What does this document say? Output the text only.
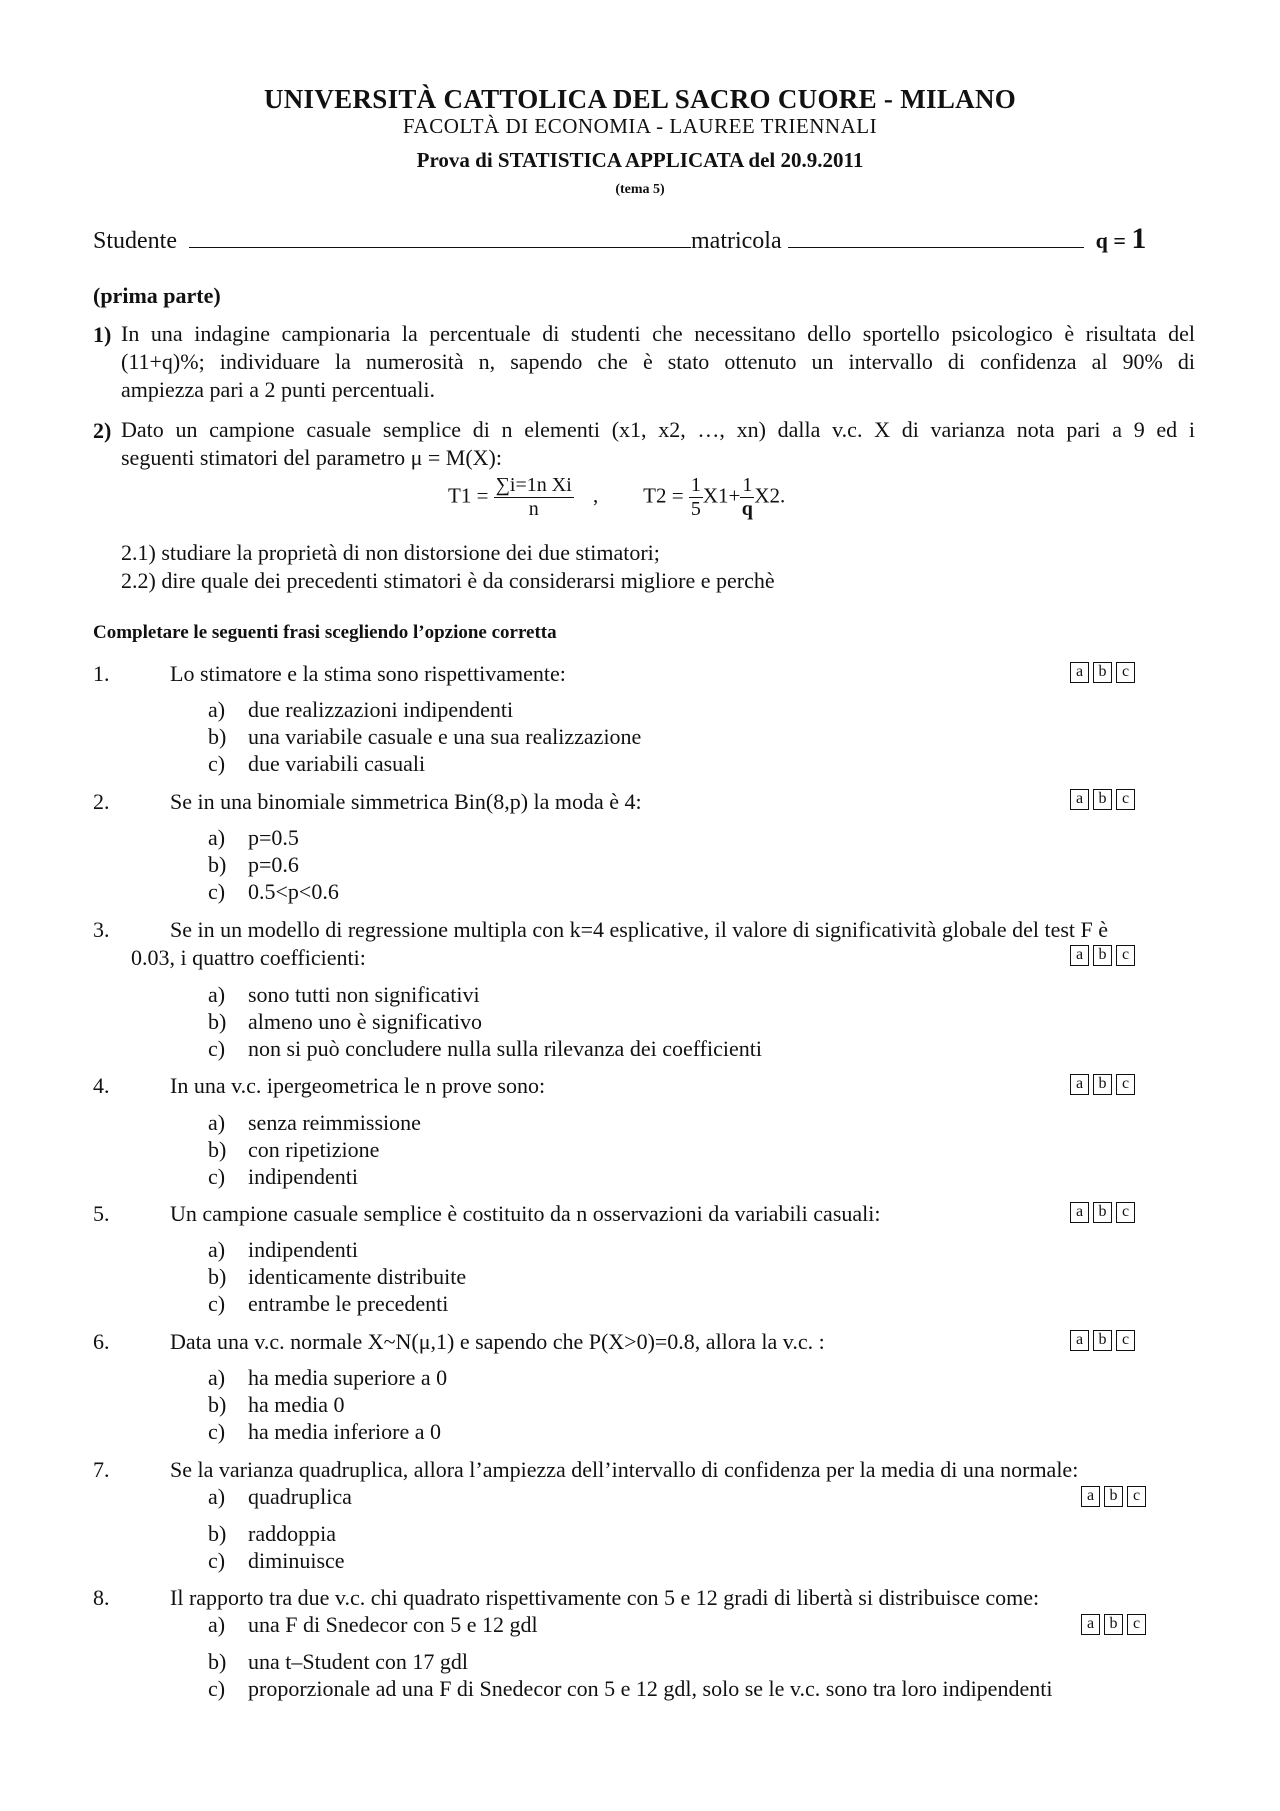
UNIVERSITÀ CATTOLICA DEL SACRO CUORE - MILANO
FACOLTÀ DI ECONOMIA - LAUREE TRIENNALI
Prova di STATISTICA APPLICATA del 20.9.2011
(tema 5)
Studente	matricola	q = 1
(prima parte)
1) In una indagine campionaria la percentuale di studenti che necessitano dello sportello psicologico è risultata del
(11+q)%; individuare la numerosità n, sapendo che è stato ottenuto un intervallo di confidenza al 90% di
ampiezza pari a 2 punti percentuali.
2) Dato un campione casuale semplice di n elementi (x1, x2, …, xn) dalla v.c. X di varianza nota pari a 9 ed i
seguenti stimatori del parametro μ = M(X):
$T1 = \frac{\text{∑i=1n Xi}}{n}$ , $T2 = \frac{1}{5} X1+ \frac{1}{q} X2$.
2.1) studiare la proprietà di non distorsione dei due stimatori;
2.2) dire quale dei precedenti stimatori è da considerarsi migliore e perchè
Completare le seguenti frasi scegliendo l’opzione corretta
1.	Lo stimatore e la stima sono rispettivamente:	a b c
a) due realizzazioni indipendenti
b) una variabile casuale e una sua realizzazione
c) due variabili casuali
2.	Se in una binomiale simmetrica Bin(8,p) la moda è 4:	a b c
a) p=0.5
b) p=0.6
c) 0.5<p<0.6
3.	Se in un modello di regressione multipla con k=4 esplicative, il valore di significatività globale del test F è
0.03, i quattro coefficienti:	a b c
a) sono tutti non significativi
b) almeno uno è significativo
c) non si può concludere nulla sulla rilevanza dei coefficienti
4.	In una v.c. ipergeometrica le n prove sono:	a b c
a) senza reimmissione
b) con ripetizione
c) indipendenti
5.	Un campione casuale semplice è costituito da n osservazioni da variabili casuali:	a b c
a) indipendenti
b) identicamente distribuite
c) entrambe le precedenti
6.	Data una v.c. normale X~N(μ,1) e sapendo che P(X>0)=0.8, allora la v.c. :	a b c
a) ha media superiore a 0
b) ha media 0
c) ha media inferiore a 0
7.	Se la varianza quadruplica, allora l’ampiezza dell’intervallo di confidenza per la media di una normale:
a b c
a) quadruplica
b) raddoppia
c) diminuisce
8.	Il rapporto tra due v.c. chi quadrato rispettivamente con 5 e 12 gradi di libertà si distribuisce come:
a b c
a) una F di Snedecor con 5 e 12 gdl
b) una t–Student con 17 gdl
c) proporzionale ad una F di Snedecor con 5 e 12 gdl, solo se le v.c. sono tra loro indipendenti
